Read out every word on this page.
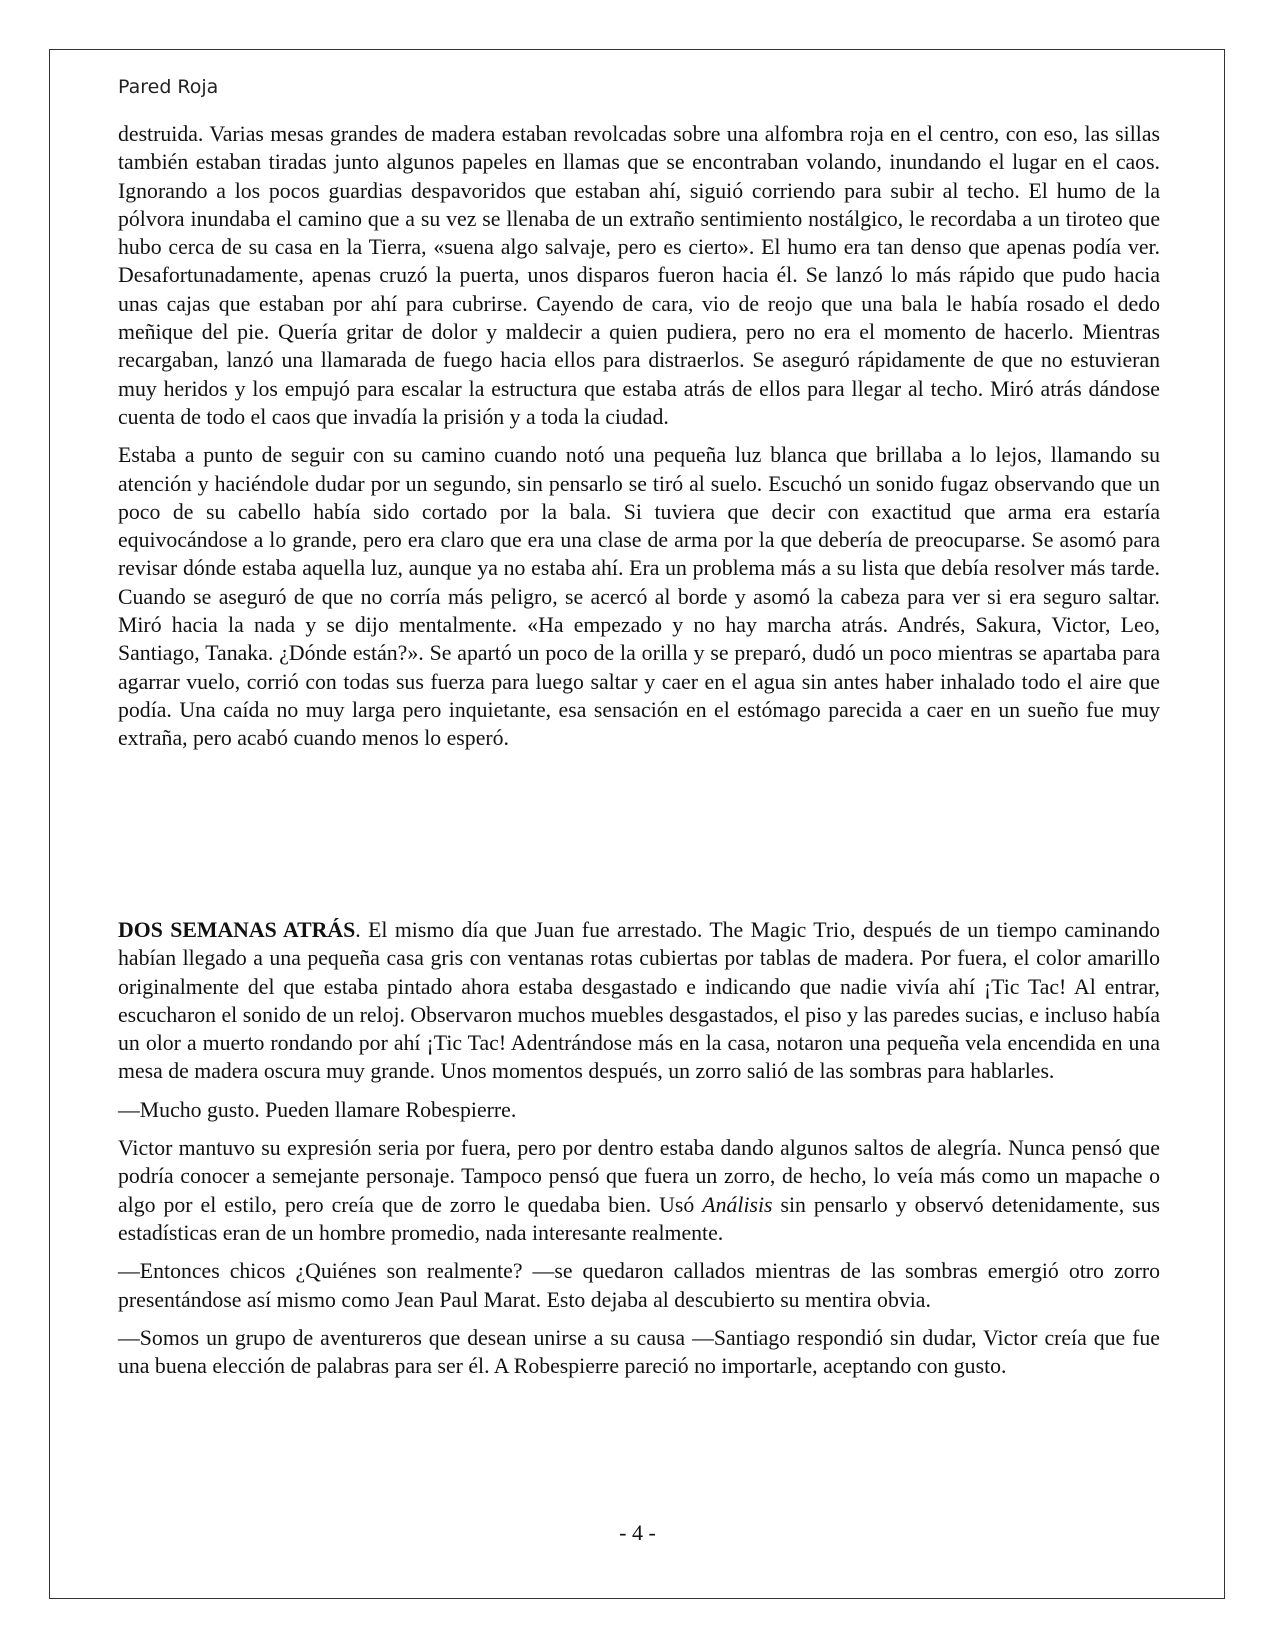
Pared Roja

destruida. Varias mesas grandes de madera estaban revolcadas sobre una alfombra roja en el centro, con eso, las sillas también estaban tiradas junto algunos papeles en llamas que se encontraban volando, inundando el lugar en el caos. Ignorando a los pocos guardias despavoridos que estaban ahí, siguió corriendo para subir al techo. El humo de la pólvora inundaba el camino que a su vez se llenaba de un extraño sentimiento nostálgico, le recordaba a un tiroteo que hubo cerca de su casa en la Tierra, «suena algo salvaje, pero es cierto». El humo era tan denso que apenas podía ver. Desafortunadamente, apenas cruzó la puerta, unos disparos fueron hacia él. Se lanzó lo más rápido que pudo hacia unas cajas que estaban por ahí para cubrirse. Cayendo de cara, vio de reojo que una bala le había rosado el dedo meñique del pie. Quería gritar de dolor y maldecir a quien pudiera, pero no era el momento de hacerlo. Mientras recargaban, lanzó una llamarada de fuego hacia ellos para distraerlos. Se aseguró rápidamente de que no estuvieran muy heridos y los empujó para escalar la estructura que estaba atrás de ellos para llegar al techo. Miró atrás dándose cuenta de todo el caos que invadía la prisión y a toda la ciudad.

Estaba a punto de seguir con su camino cuando notó una pequeña luz blanca que brillaba a lo lejos, llamando su atención y haciéndole dudar por un segundo, sin pensarlo se tiró al suelo. Escuchó un sonido fugaz observando que un poco de su cabello había sido cortado por la bala. Si tuviera que decir con exactitud que arma era estaría equivocándose a lo grande, pero era claro que era una clase de arma por la que debería de preocuparse. Se asomó para revisar dónde estaba aquella luz, aunque ya no estaba ahí. Era un problema más a su lista que debía resolver más tarde. Cuando se aseguró de que no corría más peligro, se acercó al borde y asomó la cabeza para ver si era seguro saltar. Miró hacia la nada y se dijo mentalmente. «Ha empezado y no hay marcha atrás. Andrés, Sakura, Victor, Leo, Santiago, Tanaka. ¿Dónde están?». Se apartó un poco de la orilla y se preparó, dudó un poco mientras se apartaba para agarrar vuelo, corrió con todas sus fuerza para luego saltar y caer en el agua sin antes haber inhalado todo el aire que podía. Una caída no muy larga pero inquietante, esa sensación en el estómago parecida a caer en un sueño fue muy extraña, pero acabó cuando menos lo esperó.

DOS SEMANAS ATRÁS. El mismo día que Juan fue arrestado. The Magic Trio, después de un tiempo caminando habían llegado a una pequeña casa gris con ventanas rotas cubiertas por tablas de madera. Por fuera, el color amarillo originalmente del que estaba pintado ahora estaba desgastado e indicando que nadie vivía ahí ¡Tic Tac! Al entrar, escucharon el sonido de un reloj. Observaron muchos muebles desgastados, el piso y las paredes sucias, e incluso había un olor a muerto rondando por ahí ¡Tic Tac! Adentrándose más en la casa, notaron una pequeña vela encendida en una mesa de madera oscura muy grande. Unos momentos después, un zorro salió de las sombras para hablarles.

—Mucho gusto. Pueden llamare Robespierre.

Victor mantuvo su expresión seria por fuera, pero por dentro estaba dando algunos saltos de alegría. Nunca pensó que podría conocer a semejante personaje. Tampoco pensó que fuera un zorro, de hecho, lo veía más como un mapache o algo por el estilo, pero creía que de zorro le quedaba bien. Usó Análisis sin pensarlo y observó detenidamente, sus estadísticas eran de un hombre promedio, nada interesante realmente.

—Entonces chicos ¿Quiénes son realmente? —se quedaron callados mientras de las sombras emergió otro zorro presentándose así mismo como Jean Paul Marat. Esto dejaba al descubierto su mentira obvia.

—Somos un grupo de aventureros que desean unirse a su causa —Santiago respondió sin dudar, Victor creía que fue una buena elección de palabras para ser él. A Robespierre pareció no importarle, aceptando con gusto.

- 4 -
